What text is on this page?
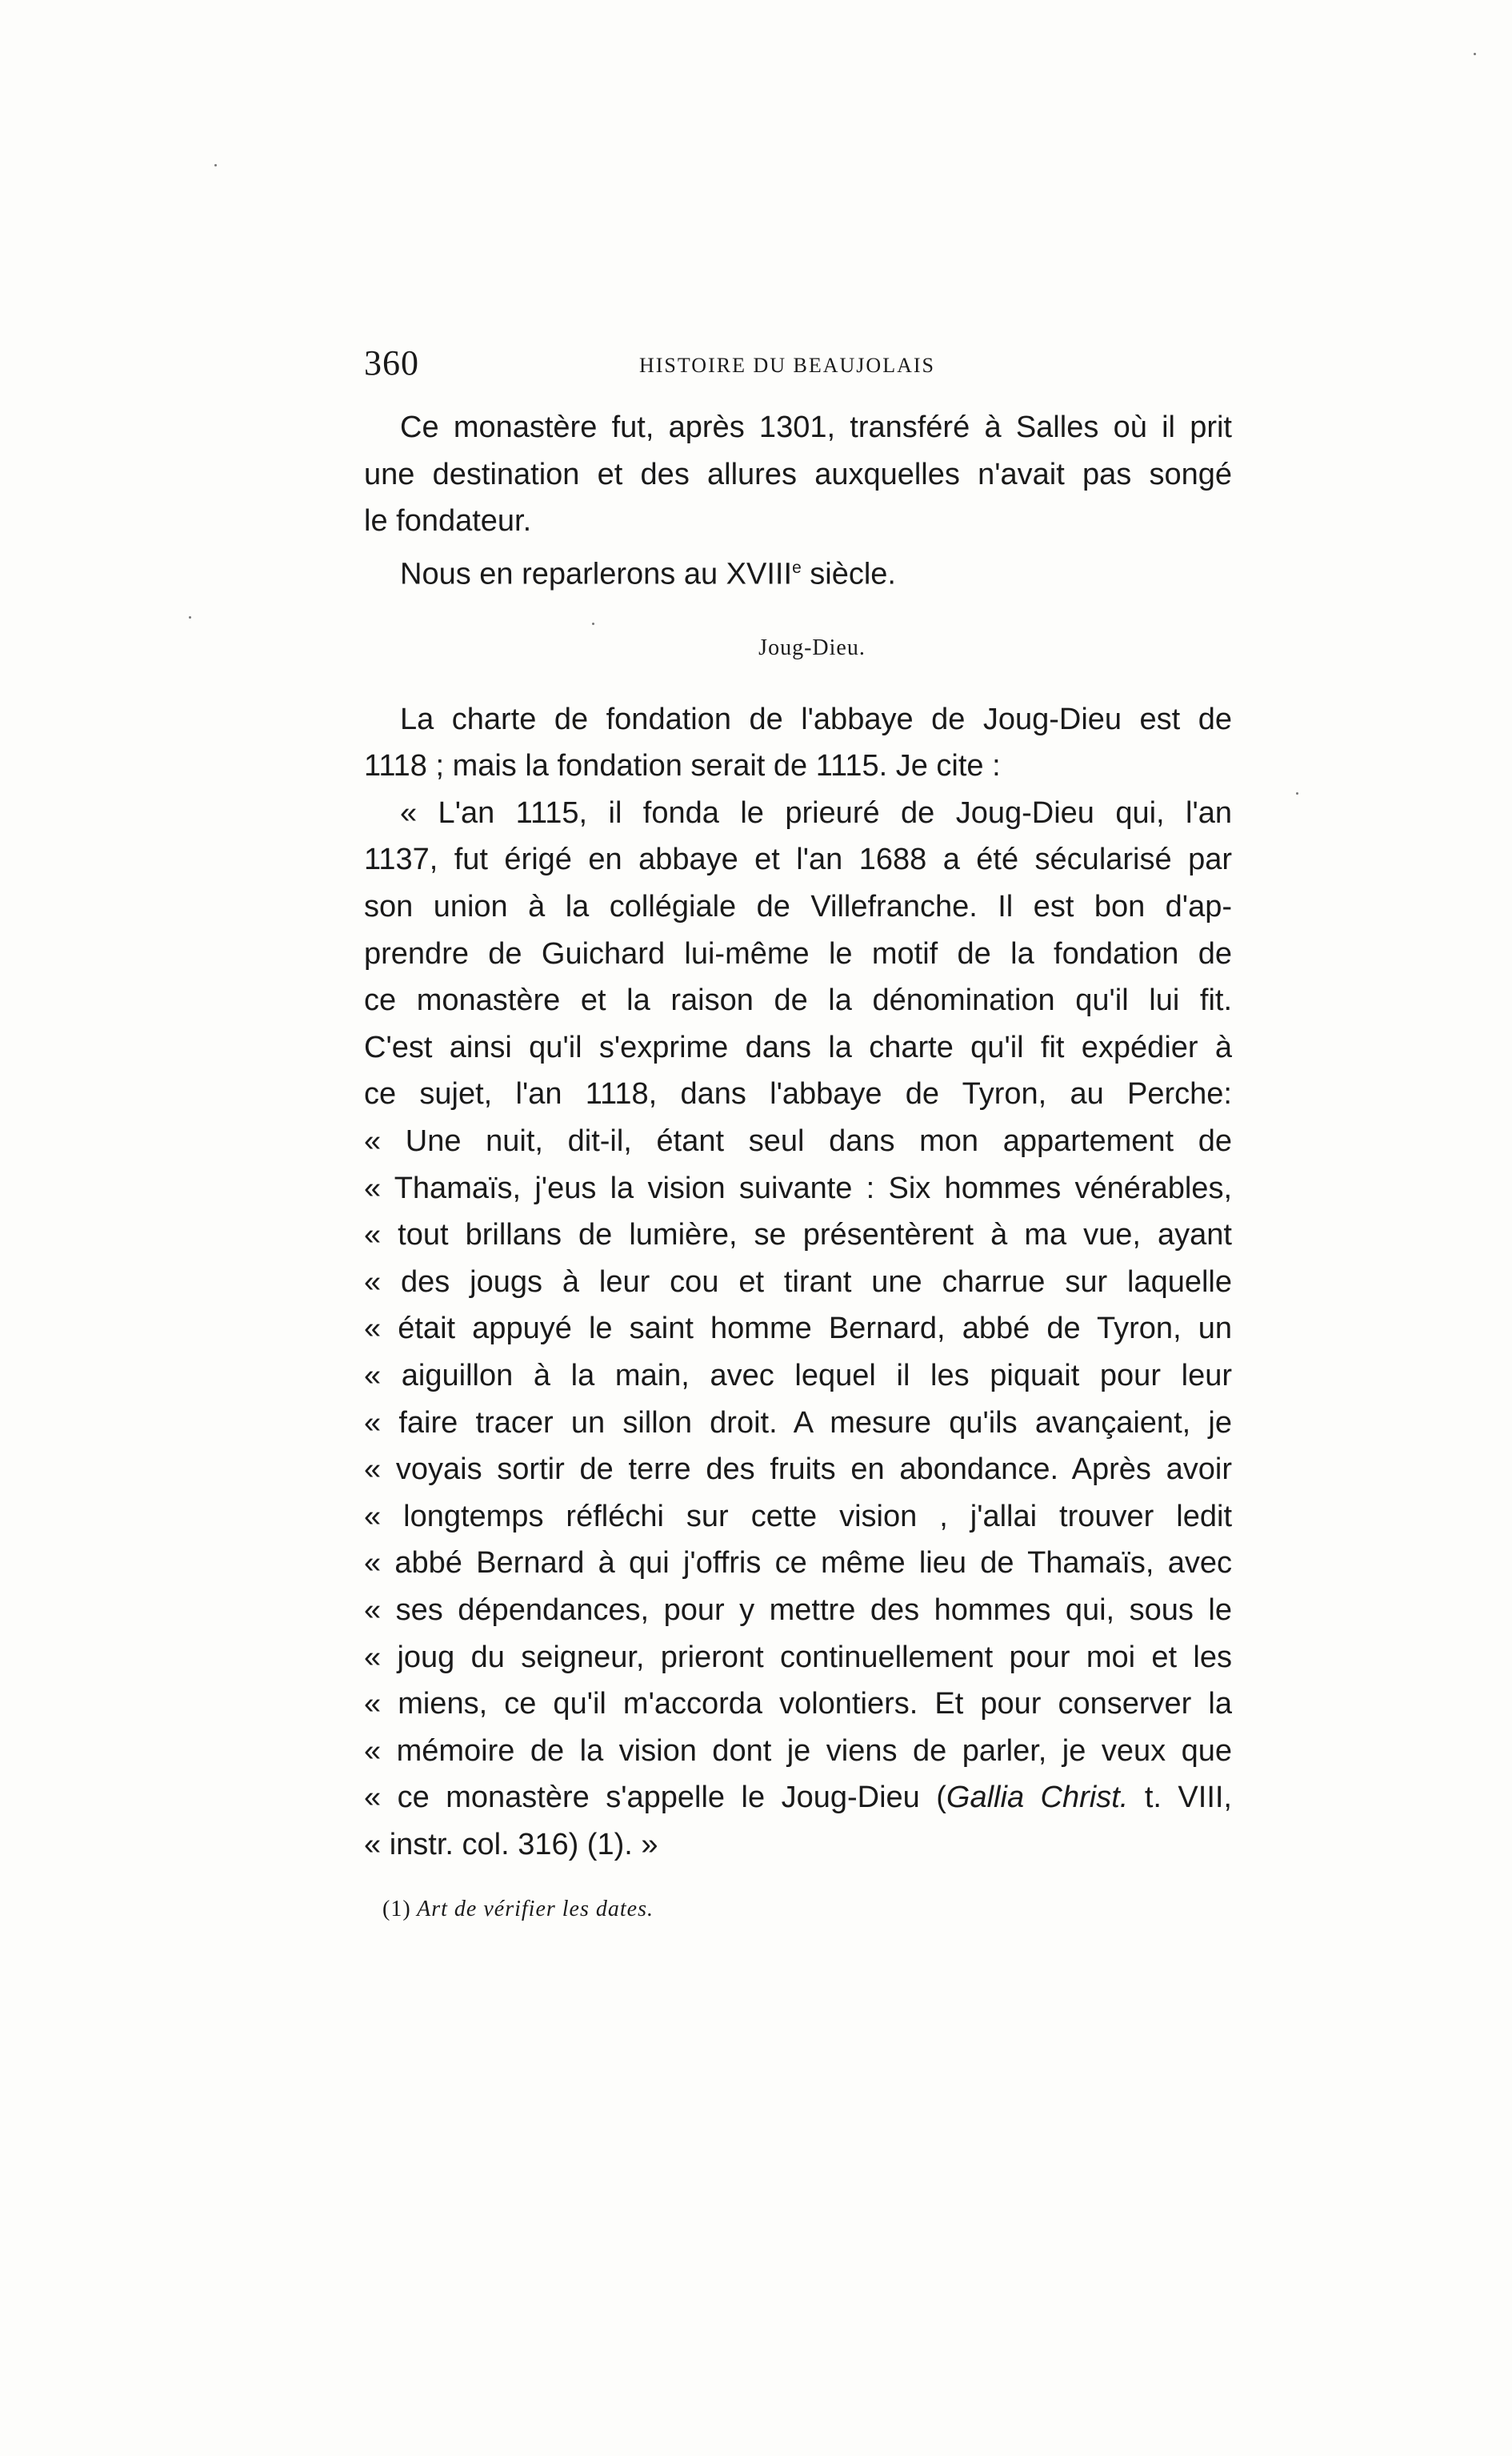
360	HISTOIRE DU BEAUJOLAIS
Ce monastère fut, après 1301, transféré à Salles où il prit
une destination et des allures auxquelles n'avait pas songé
le fondateur.
Nous en reparlerons au XVIIIe siècle.
Joug-Dieu.
La charte de fondation de l'abbaye de Joug-Dieu est de
1118 ; mais la fondation serait de 1115. Je cite :
« L'an 1115, il fonda le prieuré de Joug-Dieu qui, l'an
1137, fut érigé en abbaye et l'an 1688 a été sécularisé par
son union à la collégiale de Villefranche. Il est bon d'ap-
prendre de Guichard lui-même le motif de la fondation de
ce monastère et la raison de la dénomination qu'il lui fit.
C'est ainsi qu'il s'exprime dans la charte qu'il fit expédier à
ce sujet, l'an 1118, dans l'abbaye de Tyron, au Perche:
« Une nuit, dit-il, étant seul dans mon appartement de
« Thamaïs, j'eus la vision suivante : Six hommes vénérables,
« tout brillans de lumière, se présentèrent à ma vue, ayant
« des jougs à leur cou et tirant une charrue sur laquelle
« était appuyé le saint homme Bernard, abbé de Tyron, un
« aiguillon à la main, avec lequel il les piquait pour leur
« faire tracer un sillon droit. A mesure qu'ils avançaient, je
« voyais sortir de terre des fruits en abondance. Après avoir
« longtemps réfléchi sur cette vision , j'allai trouver ledit
« abbé Bernard à qui j'offris ce même lieu de Thamaïs, avec
« ses dépendances, pour y mettre des hommes qui, sous le
« joug du seigneur, prieront continuellement pour moi et les
« miens, ce qu'il m'accorda volontiers. Et pour conserver la
« mémoire de la vision dont je viens de parler, je veux que
« ce monastère s'appelle le Joug-Dieu (Gallia Christ. t. VIII,
« instr. col. 316) (1). »
(1) Art de vérifier les dates.
